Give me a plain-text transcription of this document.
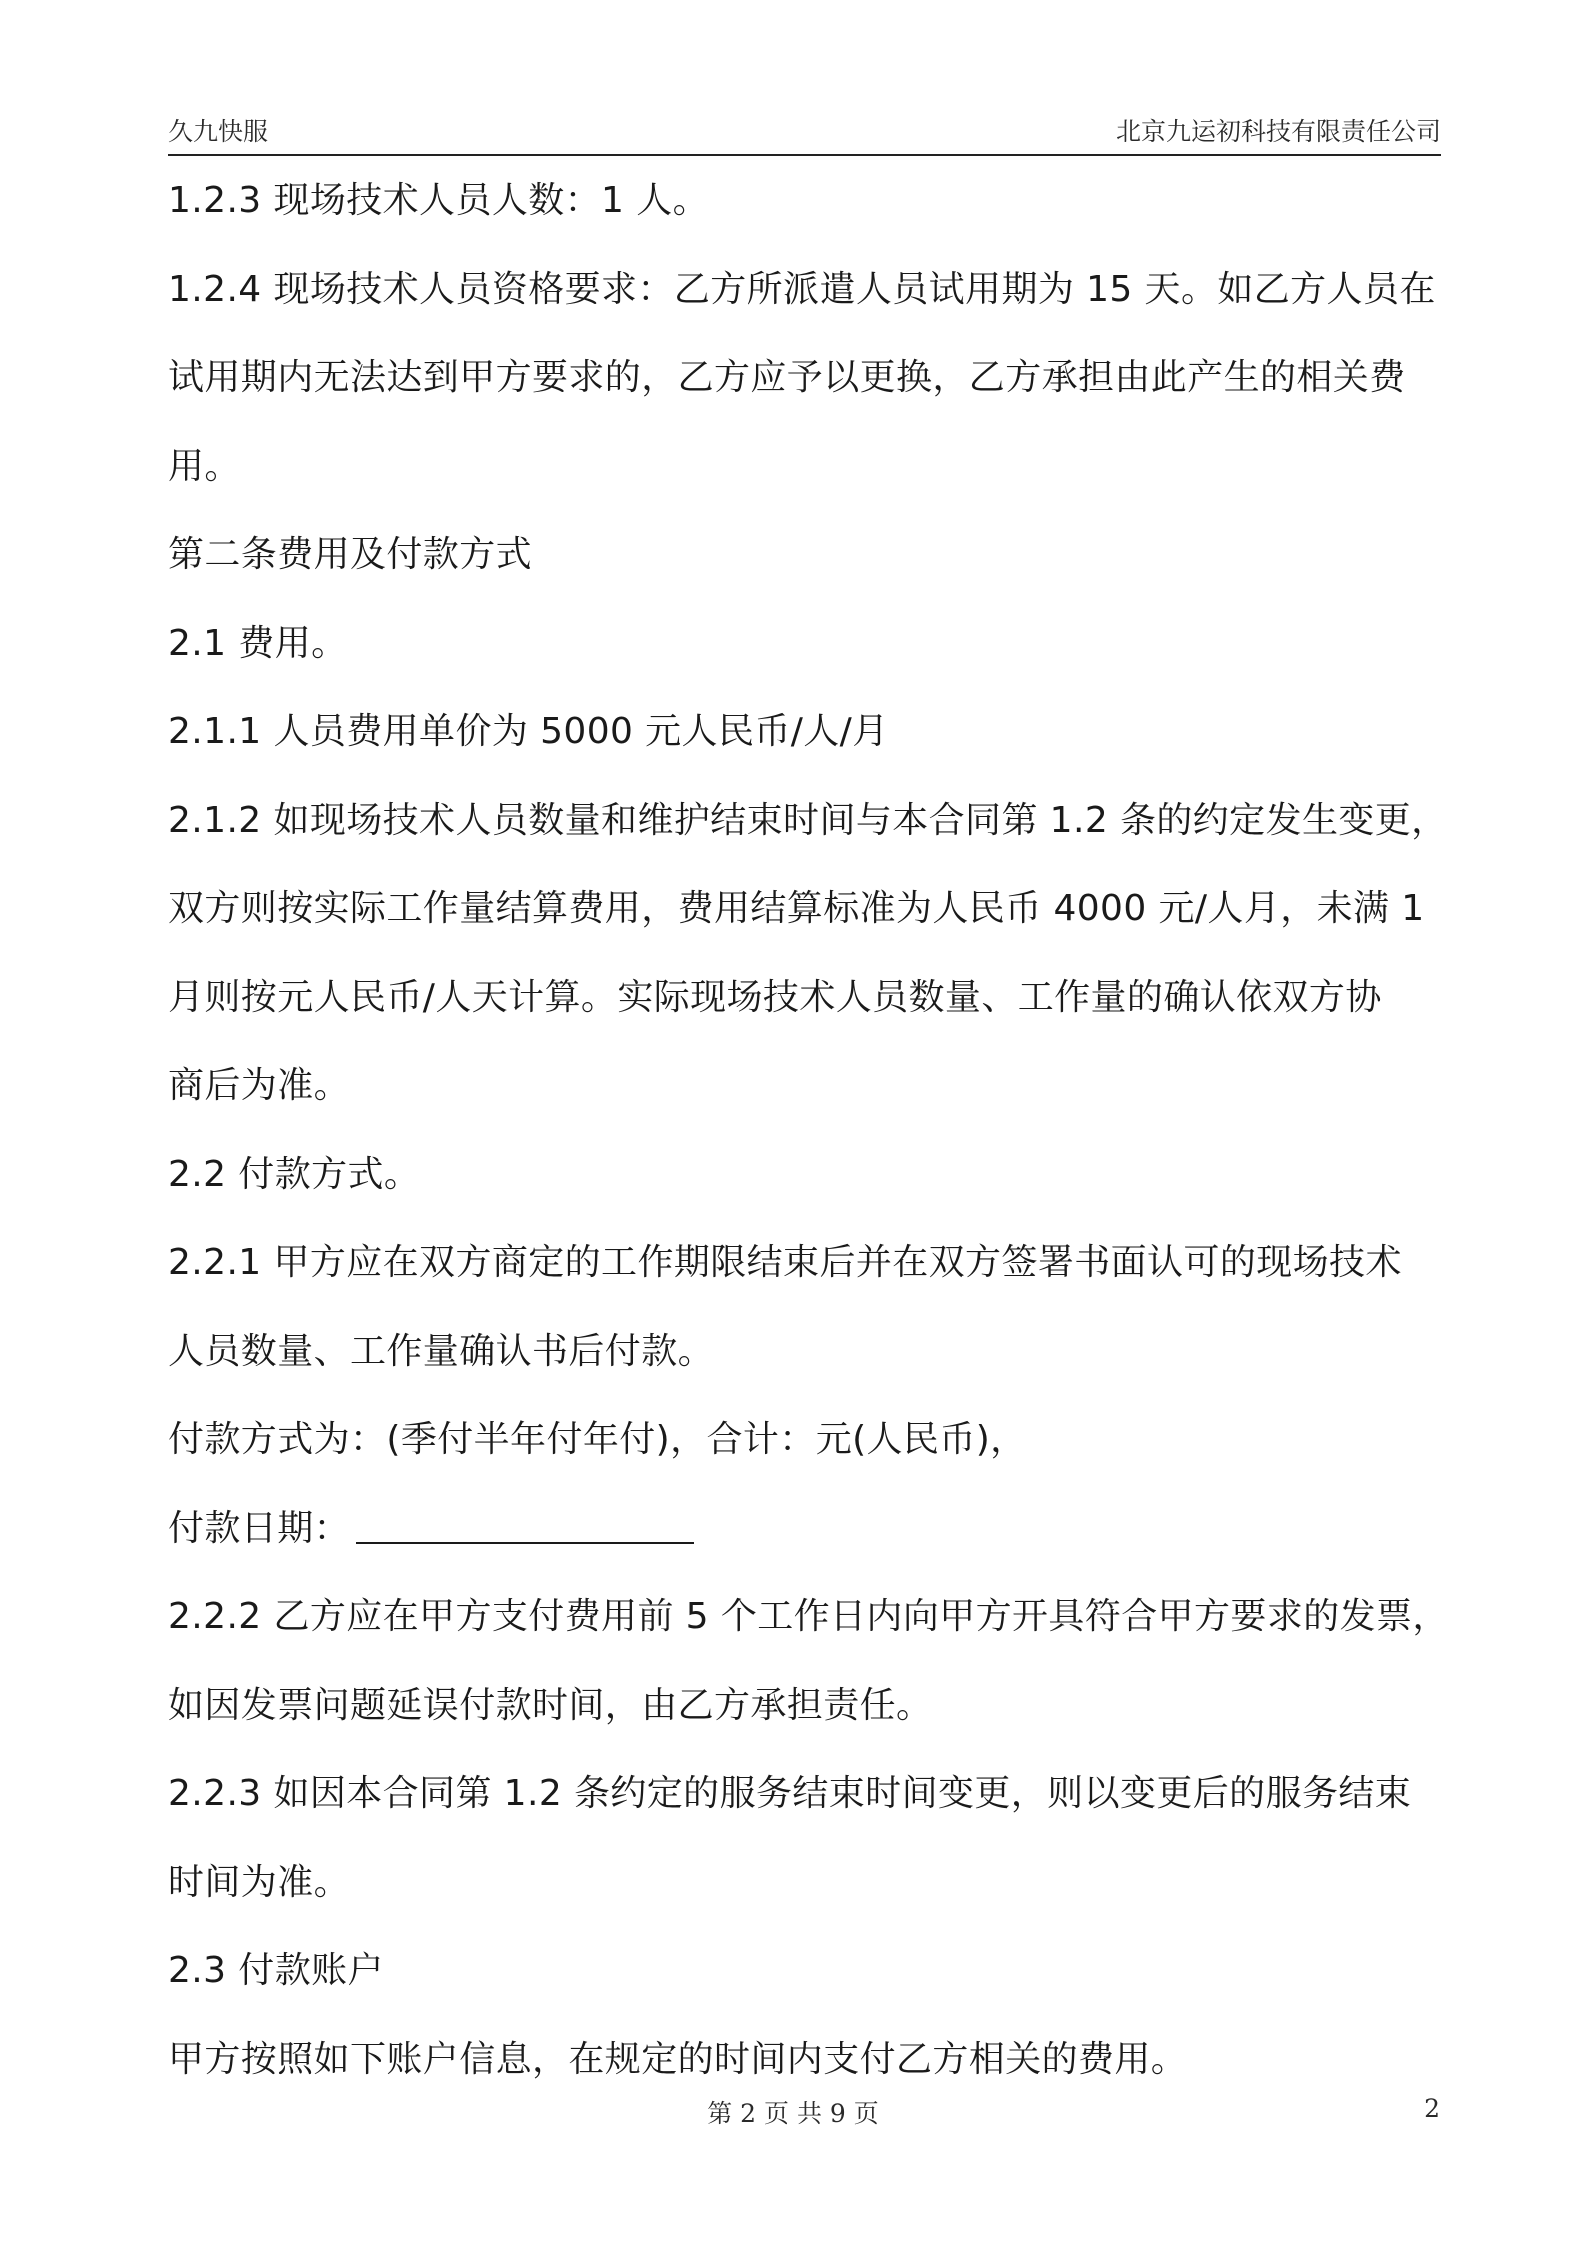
久九快服	北京九运初科技有限责任公司
1.2.3 现场技术人员人数：1 人。
1.2.4 现场技术人员资格要求：乙方所派遣人员试用期为 15 天。如乙方人员在
试用期内无法达到甲方要求的，乙方应予以更换，乙方承担由此产生的相关费
用。
第二条费用及付款方式
2.1 费用。
2.1.1 人员费用单价为 5000 元人民币/人/月
2.1.2 如现场技术人员数量和维护结束时间与本合同第 1.2 条的约定发生变更，
双方则按实际工作量结算费用，费用结算标准为人民币 4000 元/人月，未满 1
月则按元人民币/人天计算。实际现场技术人员数量、工作量的确认依双方协
商后为准。
2.2 付款方式。
2.2.1 甲方应在双方商定的工作期限结束后并在双方签署书面认可的现场技术
人员数量、工作量确认书后付款。
付款方式为：(季付半年付年付)，合计：元(人民币)，
付款日期：
2.2.2 乙方应在甲方支付费用前 5 个工作日内向甲方开具符合甲方要求的发票，
如因发票问题延误付款时间，由乙方承担责任。
2.2.3 如因本合同第 1.2 条约定的服务结束时间变更，则以变更后的服务结束
时间为准。
2.3 付款账户
甲方按照如下账户信息，在规定的时间内支付乙方相关的费用。
第 2 页 共 9 页	2
